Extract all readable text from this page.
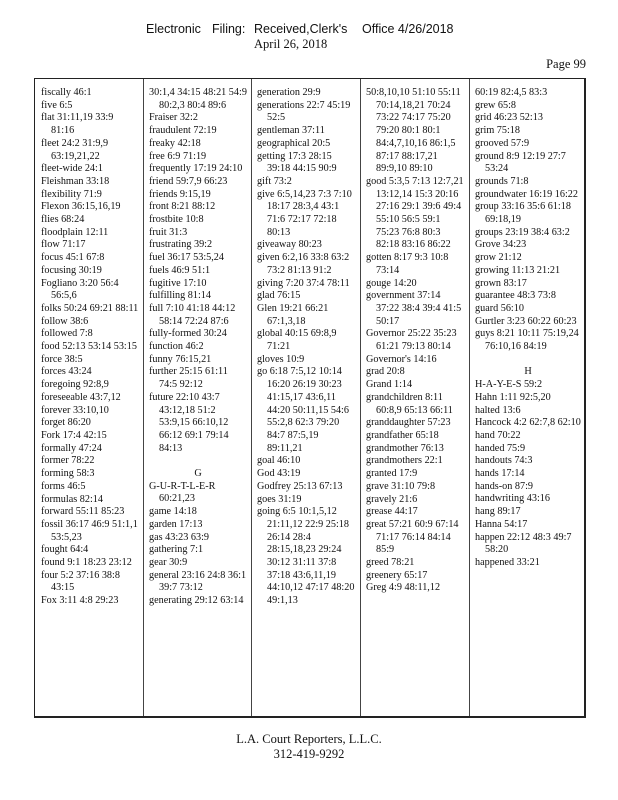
Electronic Filing: Received,Clerk's Office 4/26/2018
April 26, 2018
Page 99
fiscally 46:1
five 6:5
flat 31:11,19 33:9 81:16
fleet 24:2 31:9,9 63:19,21,22
fleet-wide 24:1
Fleishman 33:18
flexibility 71:9
Flexon 36:15,16,19
flies 68:24
floodplain 12:11
flow 71:17
focus 45:1 67:8
focusing 30:19
Fogliano 3:20 56:4 56:5,6
folks 50:24 69:21 88:11
follow 38:6
followed 7:8
food 52:13 53:14 53:15
force 38:5
forces 43:24
foregoing 92:8,9
foreseeable 43:7,12
forever 33:10,10
forget 86:20
Fork 17:4 42:15
formally 47:24
former 78:22
forming 58:3
forms 46:5
formulas 82:14
forward 55:11 85:23
fossil 36:17 46:9 51:1,1 53:5,23
fought 64:4
found 9:1 18:23 23:12
four 5:2 37:16 38:8 43:15
Fox 3:11 4:8 29:23
30:1,4 34:15 48:21 54:9 80:2,3 80:4 89:6
Fraiser 32:2
fraudulent 72:19
freaky 42:18
free 6:9 71:19
frequently 17:19 24:10
friend 59:7,9 66:23
friends 9:15,19
front 8:21 88:12
frostbite 10:8
fruit 31:3
frustrating 39:2
fuel 36:17 53:5,24
fuels 46:9 51:1
fugitive 17:10
fulfilling 81:14
full 7:10 41:18 44:12 58:14 72:24 87:6
fully-formed 30:24
function 46:2
funny 76:15,21
further 25:15 61:11 74:5 92:12
future 22:10 43:7 43:12,18 51:2 53:9,15 66:10,12 66:12 69:1 79:14 84:13
G
G-U-R-T-L-E-R 60:21,23
game 14:18
garden 17:13
gas 43:23 63:9
gathering 7:1
gear 30:9
general 23:16 24:8 36:1 39:7 73:12
generating 29:12 63:14
generation 29:9
generations 22:7 45:19 52:5
gentleman 37:11
geographical 20:5
getting 17:3 28:15 39:18 44:15 90:9
gift 73:2
give 6:5,14,23 7:3 7:10 18:17 28:3,4 43:1 71:6 72:17 72:18 80:13
giveaway 80:23
given 6:2,16 33:8 63:2 73:2 81:13 91:2
giving 7:20 37:4 78:11
glad 76:15
Glen 19:21 66:21 67:1,3,18
global 40:15 69:8,9 71:21
gloves 10:9
go 6:18 7:5,12 10:14 16:20 26:19 30:23 41:15,17 43:6,11 44:20 50:11,15 54:6 55:2,8 62:3 79:20 84:7 87:5,19 89:11,21
goal 46:10
God 43:19
Godfrey 25:13 67:13
goes 31:19
going 6:5 10:1,5,12 21:11,12 22:9 25:18 26:14 28:4 28:15,18,23 29:24 30:12 31:11 37:8 37:18 43:6,11,19 44:10,12 47:17 48:20 49:1,13
50:8,10,10 51:10 55:11 70:14,18,21 70:24 73:22 74:17 75:20 79:20 80:1 80:1 84:4,7,10,16 86:1,5 87:17 88:17,21 89:9,10 89:10
good 5:3,5 7:13 12:7,21 13:12,14 15:3 20:16 27:16 29:1 39:6 49:4 55:10 56:5 59:1 75:23 76:8 80:3 82:18 83:16 86:22
gotten 8:17 9:3 10:8 73:14
gouge 14:20
government 37:14 37:22 38:4 39:4 41:5 50:17
Governor 25:22 35:23 61:21 79:13 80:14
Governor's 14:16
grad 20:8
Grand 1:14
grandchildren 8:11 60:8,9 65:13 66:11
granddaughter 57:23
grandfather 65:18
grandmother 76:13
grandmothers 22:1
granted 17:9
grave 31:10 79:8
gravely 21:6
grease 44:17
great 57:21 60:9 67:14 71:17 76:14 84:14 85:9
greed 78:21
greenery 65:17
Greg 4:9 48:11,12
60:19 82:4,5 83:3
grew 65:8
grid 46:23 52:13
grim 75:18
grooved 57:9
ground 8:9 12:19 27:7 53:24
grounds 71:8
groundwater 16:19 16:22
group 33:16 35:6 61:18 69:18,19
groups 23:19 38:4 63:2
Grove 34:23
grow 21:12
growing 11:13 21:21
grown 83:17
guarantee 48:3 73:8
guard 56:10
Gurtler 3:23 60:22 60:23
guys 8:21 10:11 75:19,24 76:10,16 84:19
H
H-A-Y-E-S 59:2
Hahn 1:11 92:5,20
halted 13:6
Hancock 4:2 62:7,8 62:10
hand 70:22
handed 75:9
handouts 74:3
hands 17:14
hands-on 87:9
handwriting 43:16
hang 89:17
Hanna 54:17
happen 22:12 48:3 49:7 58:20
happened 33:21
L.A. Court Reporters, L.L.C.
312-419-9292
